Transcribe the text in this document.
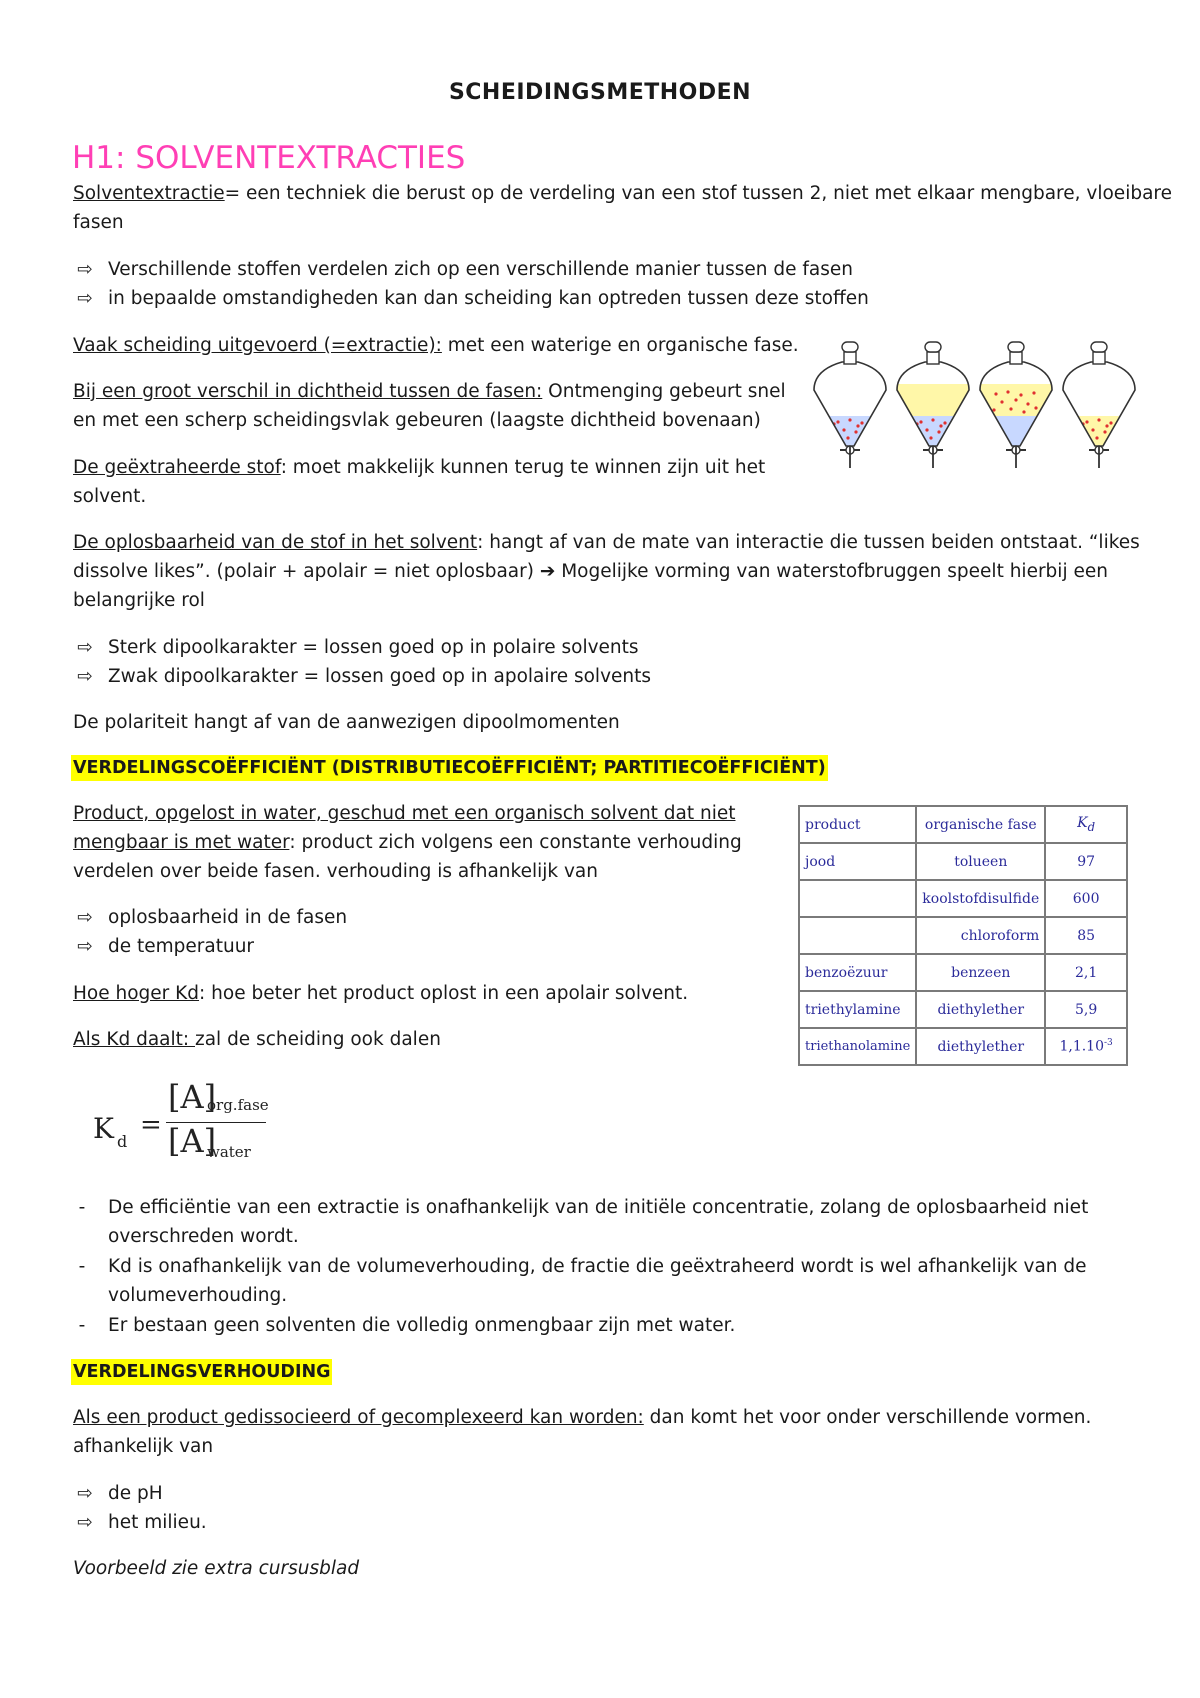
SCHEIDINGSMETHODEN
H1: SOLVENTEXTRACTIES
Solventextractie= een techniek die berust op de verdeling van een stof tussen 2, niet met elkaar mengbare, vloeibare
fasen
⇨ Verschillende stoffen verdelen zich op een verschillende manier tussen de fasen
⇨ in bepaalde omstandigheden kan dan scheiding kan optreden tussen deze stoffen
Vaak scheiding uitgevoerd (=extractie): met een waterige en organische fase.
Bij een groot verschil in dichtheid tussen de fasen: Ontmenging gebeurt snel
en met een scherp scheidingsvlak gebeuren (laagste dichtheid bovenaan)
De geëxtraheerde stof: moet makkelijk kunnen terug te winnen zijn uit het
solvent.
De oplosbaarheid van de stof in het solvent: hangt af van de mate van interactie die tussen beiden ontstaat. “likes
dissolve likes”. (polair + apolair = niet oplosbaar) ➔ Mogelijke vorming van waterstofbruggen speelt hierbij een
belangrijke rol
⇨ Sterk dipoolkarakter = lossen goed op in polaire solvents
⇨ Zwak dipoolkarakter = lossen goed op in apolaire solvents
De polariteit hangt af van de aanwezigen dipoolmomenten
VERDELINGSCOËFFICIËNT (DISTRIBUTIECOËFFICIËNT; PARTITIECOËFFICIËNT)
Product, opgelost in water, geschud met een organisch solvent dat niet
mengbaar is met water: product zich volgens een constante verhouding
verdelen over beide fasen. verhouding is afhankelijk van
⇨ oplosbaarheid in de fasen
⇨ de temperatuur
Hoe hoger Kd: hoe beter het product oplost in een apolair solvent.
Als Kd daalt: zal de scheiding ook dalen
K d
=
[A]
org.fase
[A]
water
-	De efficiëntie van een extractie is onafhankelijk van de initiële concentratie, zolang de oplosbaarheid niet
overschreden wordt.
-	Kd is onafhankelijk van de volumeverhouding, de fractie die geëxtraheerd wordt is wel afhankelijk van de
volumeverhouding.
-	Er bestaan geen solventen die volledig onmengbaar zijn met water.
VERDELINGSVERHOUDING
Als een product gedissocieerd of gecomplexeerd kan worden: dan komt het voor onder verschillende vormen.
afhankelijk van
⇨ de pH
⇨ het milieu.
Voorbeeld zie extra cursusblad
product	organische fase	$K_d$
jood	tolueen	97
	koolstofdisulfide	600
	chloroform	85
benzoëzuur	benzeen	2,1
triethylamine	diethylether	5,9
triethanolamine	diethylether	$1,1.10^{-3}$
